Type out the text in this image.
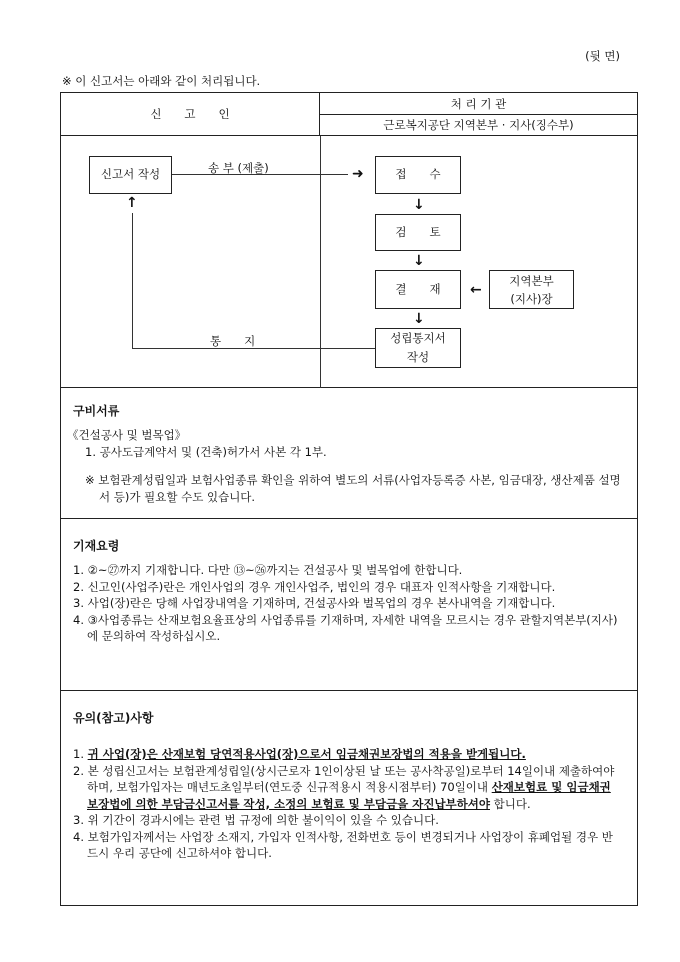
(뒷 면)
※ 이 신고서는 아래와 같이 처리됩니다.
신　　고　　인
처 리 기 관
근로복지공단 지역본부 · 지사(징수부)
신고서 작성	송 부 (제출)	➜	접　　수
↓
검　　토
↓
결　　재	←
지역본부
(지사)장
↓
성립통지서
작성
↑
통　　지
구비서류

《건설공사 및 벌목업》

1. 공사도급계약서 및 (건축)허가서 사본 각 1부.

※ 보험관계성립일과 보험사업종류 확인을 위하여 별도의 서류(사업자등록증 사본, 임금대장, 생산제품 설명서 등)가 필요할 수도 있습니다.

기재요령

1. ②~㉗까지 기재합니다. 다만 ⑬~㉖까지는 건설공사 및 벌목업에 한합니다.

2. 신고인(사업주)란은 개인사업의 경우 개인사업주, 법인의 경우 대표자 인적사항을 기재합니다.

3. 사업(장)란은 당해 사업장내역을 기재하며, 건설공사와 벌목업의 경우 본사내역을 기재합니다.

4. ③사업종류는 산재보험요율표상의 사업종류를 기재하며, 자세한 내역을 모르시는 경우 관할지역본부(지사)에 문의하여 작성하십시오.

유의(참고)사항

1. 귀 사업(장)은 산재보험 당연적용사업(장)으로서 임금채권보장법의 적용을 받게됩니다.

2. 본 성립신고서는 보험관계성립일(상시근로자 1인이상된 날 또는 공사착공일)로부터 14일이내 제출하여야 하며, 보험가입자는 매년도초일부터(연도중 신규적용시 적용시점부터) 70일이내 산재보험료 및 임금채권보장법에 의한 부담금신고서를 작성, 소정의 보험료 및 부담금을 자진납부하셔야 합니다.

3. 위 기간이 경과시에는 관련 법 규정에 의한 불이익이 있을 수 있습니다.

4. 보험가입자께서는 사업장 소재지, 가입자 인적사항, 전화번호 등이 변경되거나 사업장이 휴폐업될 경우 반드시 우리 공단에 신고하셔야 합니다.
